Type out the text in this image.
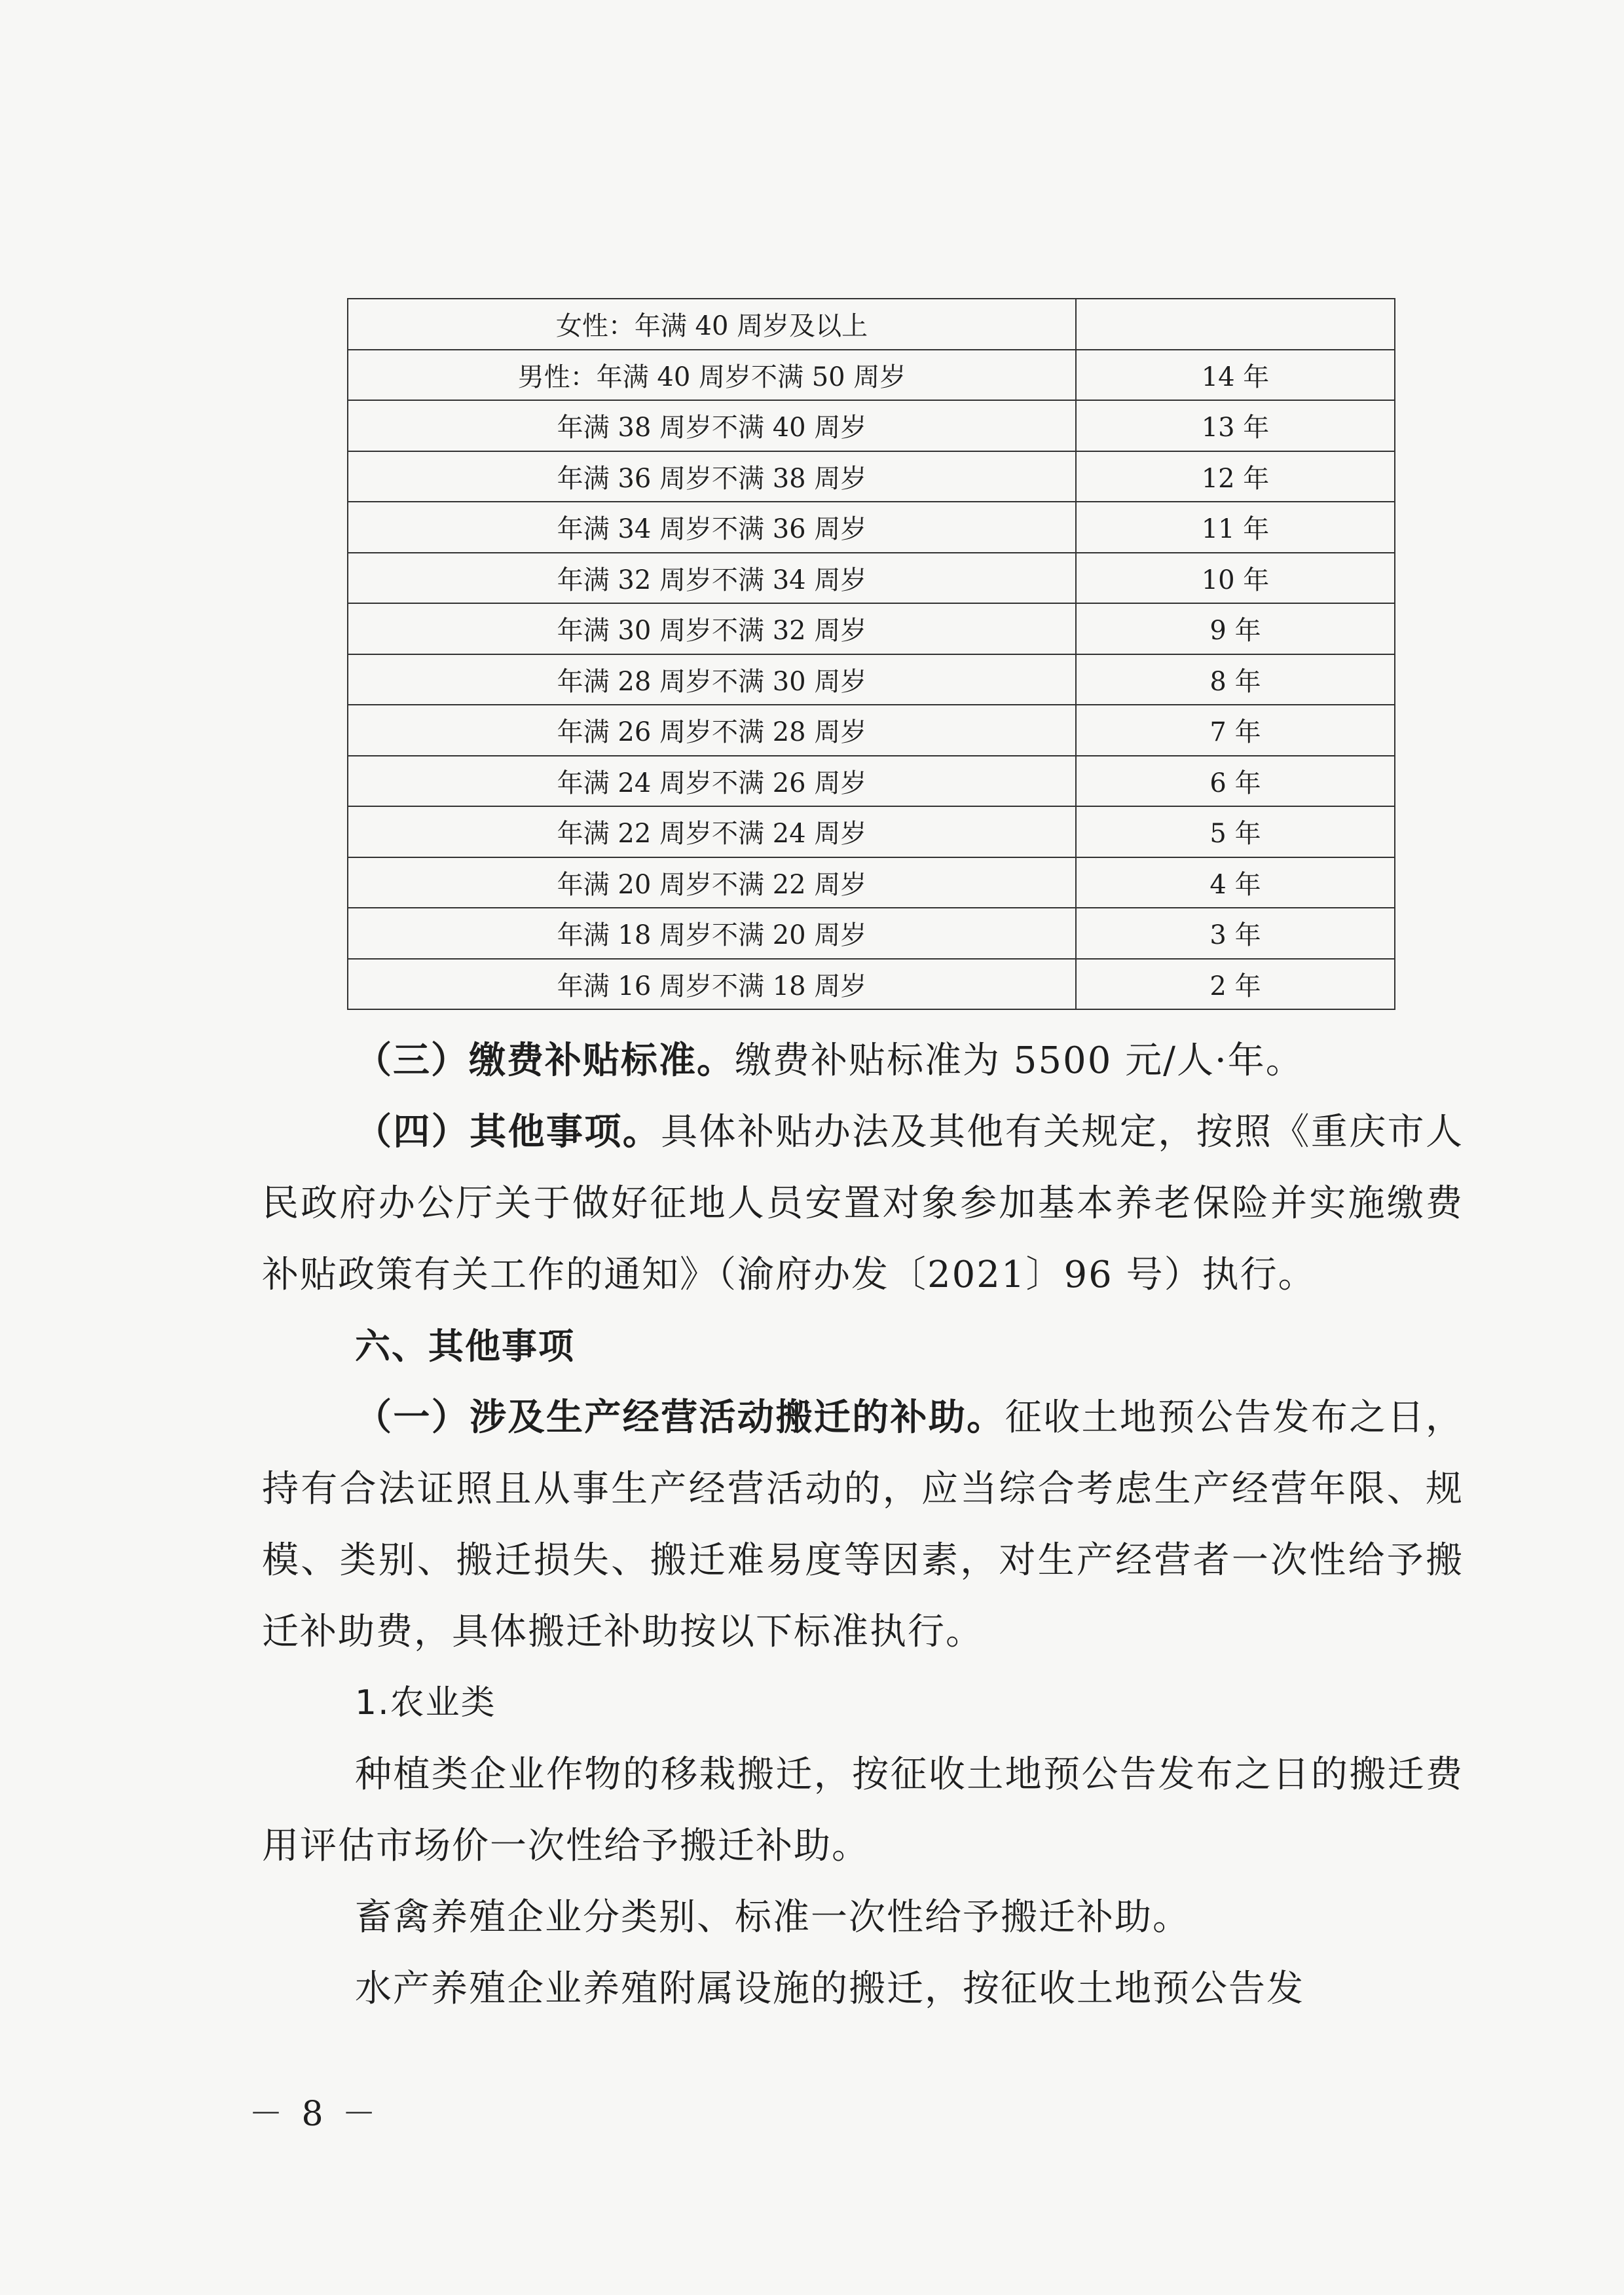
女性：年满 40 周岁及以上	
男性：年满 40 周岁不满 50 周岁	14 年
年满 38 周岁不满 40 周岁	13 年
年满 36 周岁不满 38 周岁	12 年
年满 34 周岁不满 36 周岁	11 年
年满 32 周岁不满 34 周岁	10 年
年满 30 周岁不满 32 周岁	9 年
年满 28 周岁不满 30 周岁	8 年
年满 26 周岁不满 28 周岁	7 年
年满 24 周岁不满 26 周岁	6 年
年满 22 周岁不满 24 周岁	5 年
年满 20 周岁不满 22 周岁	4 年
年满 18 周岁不满 20 周岁	3 年
年满 16 周岁不满 18 周岁	2 年

（三）缴费补贴标准。缴费补贴标准为 5500 元/人·年。

（四）其他事项。具体补贴办法及其他有关规定，按照《重庆市人民政府办公厅关于做好征地人员安置对象参加基本养老保险并实施缴费补贴政策有关工作的通知》（渝府办发〔2021〕96 号）执行。

六、其他事项

（一）涉及生产经营活动搬迁的补助。征收土地预公告发布之日，持有合法证照且从事生产经营活动的，应当综合考虑生产经营年限、规模、类别、搬迁损失、搬迁难易度等因素，对生产经营者一次性给予搬迁补助费，具体搬迁补助按以下标准执行。

1.农业类

种植类企业作物的移栽搬迁，按征收土地预公告发布之日的搬迁费用评估市场价一次性给予搬迁补助。

畜禽养殖企业分类别、标准一次性给予搬迁补助。

水产养殖企业养殖附属设施的搬迁，按征收土地预公告发

－ 8 －
